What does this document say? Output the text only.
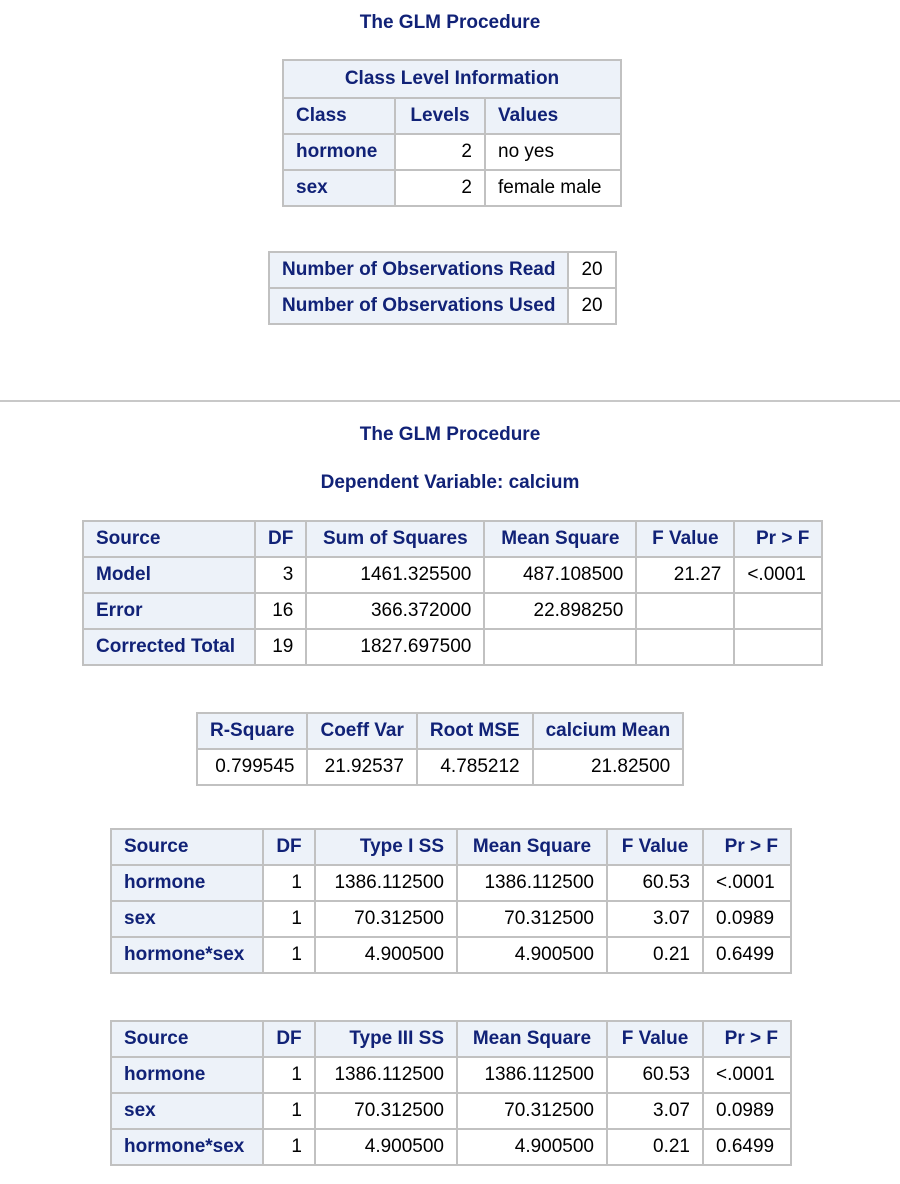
The GLM Procedure
Class Level Information		
Class	Levels	Values
hormone	2	no yes
sex	2	female male
Number of Observations Read	20
Number of Observations Used	20
The GLM Procedure
Dependent Variable: calcium
Source	DF	Sum of Squares	Mean Square	F Value	Pr > F
Model	3	1461.325500	487.108500	21.27	<.0001
Error	16	366.372000	22.898250		
Corrected Total	19	1827.697500			
R-Square	Coeff Var	Root MSE	calcium Mean
0.799545	21.92537	4.785212	21.82500
Source	DF	Type I SS	Mean Square	F Value	Pr > F
hormone	1	1386.112500	1386.112500	60.53	<.0001
sex	1	70.312500	70.312500	3.07	0.0989
hormone*sex	1	4.900500	4.900500	0.21	0.6499
Source	DF	Type III SS	Mean Square	F Value	Pr > F
hormone	1	1386.112500	1386.112500	60.53	<.0001
sex	1	70.312500	70.312500	3.07	0.0989
hormone*sex	1	4.900500	4.900500	0.21	0.6499
